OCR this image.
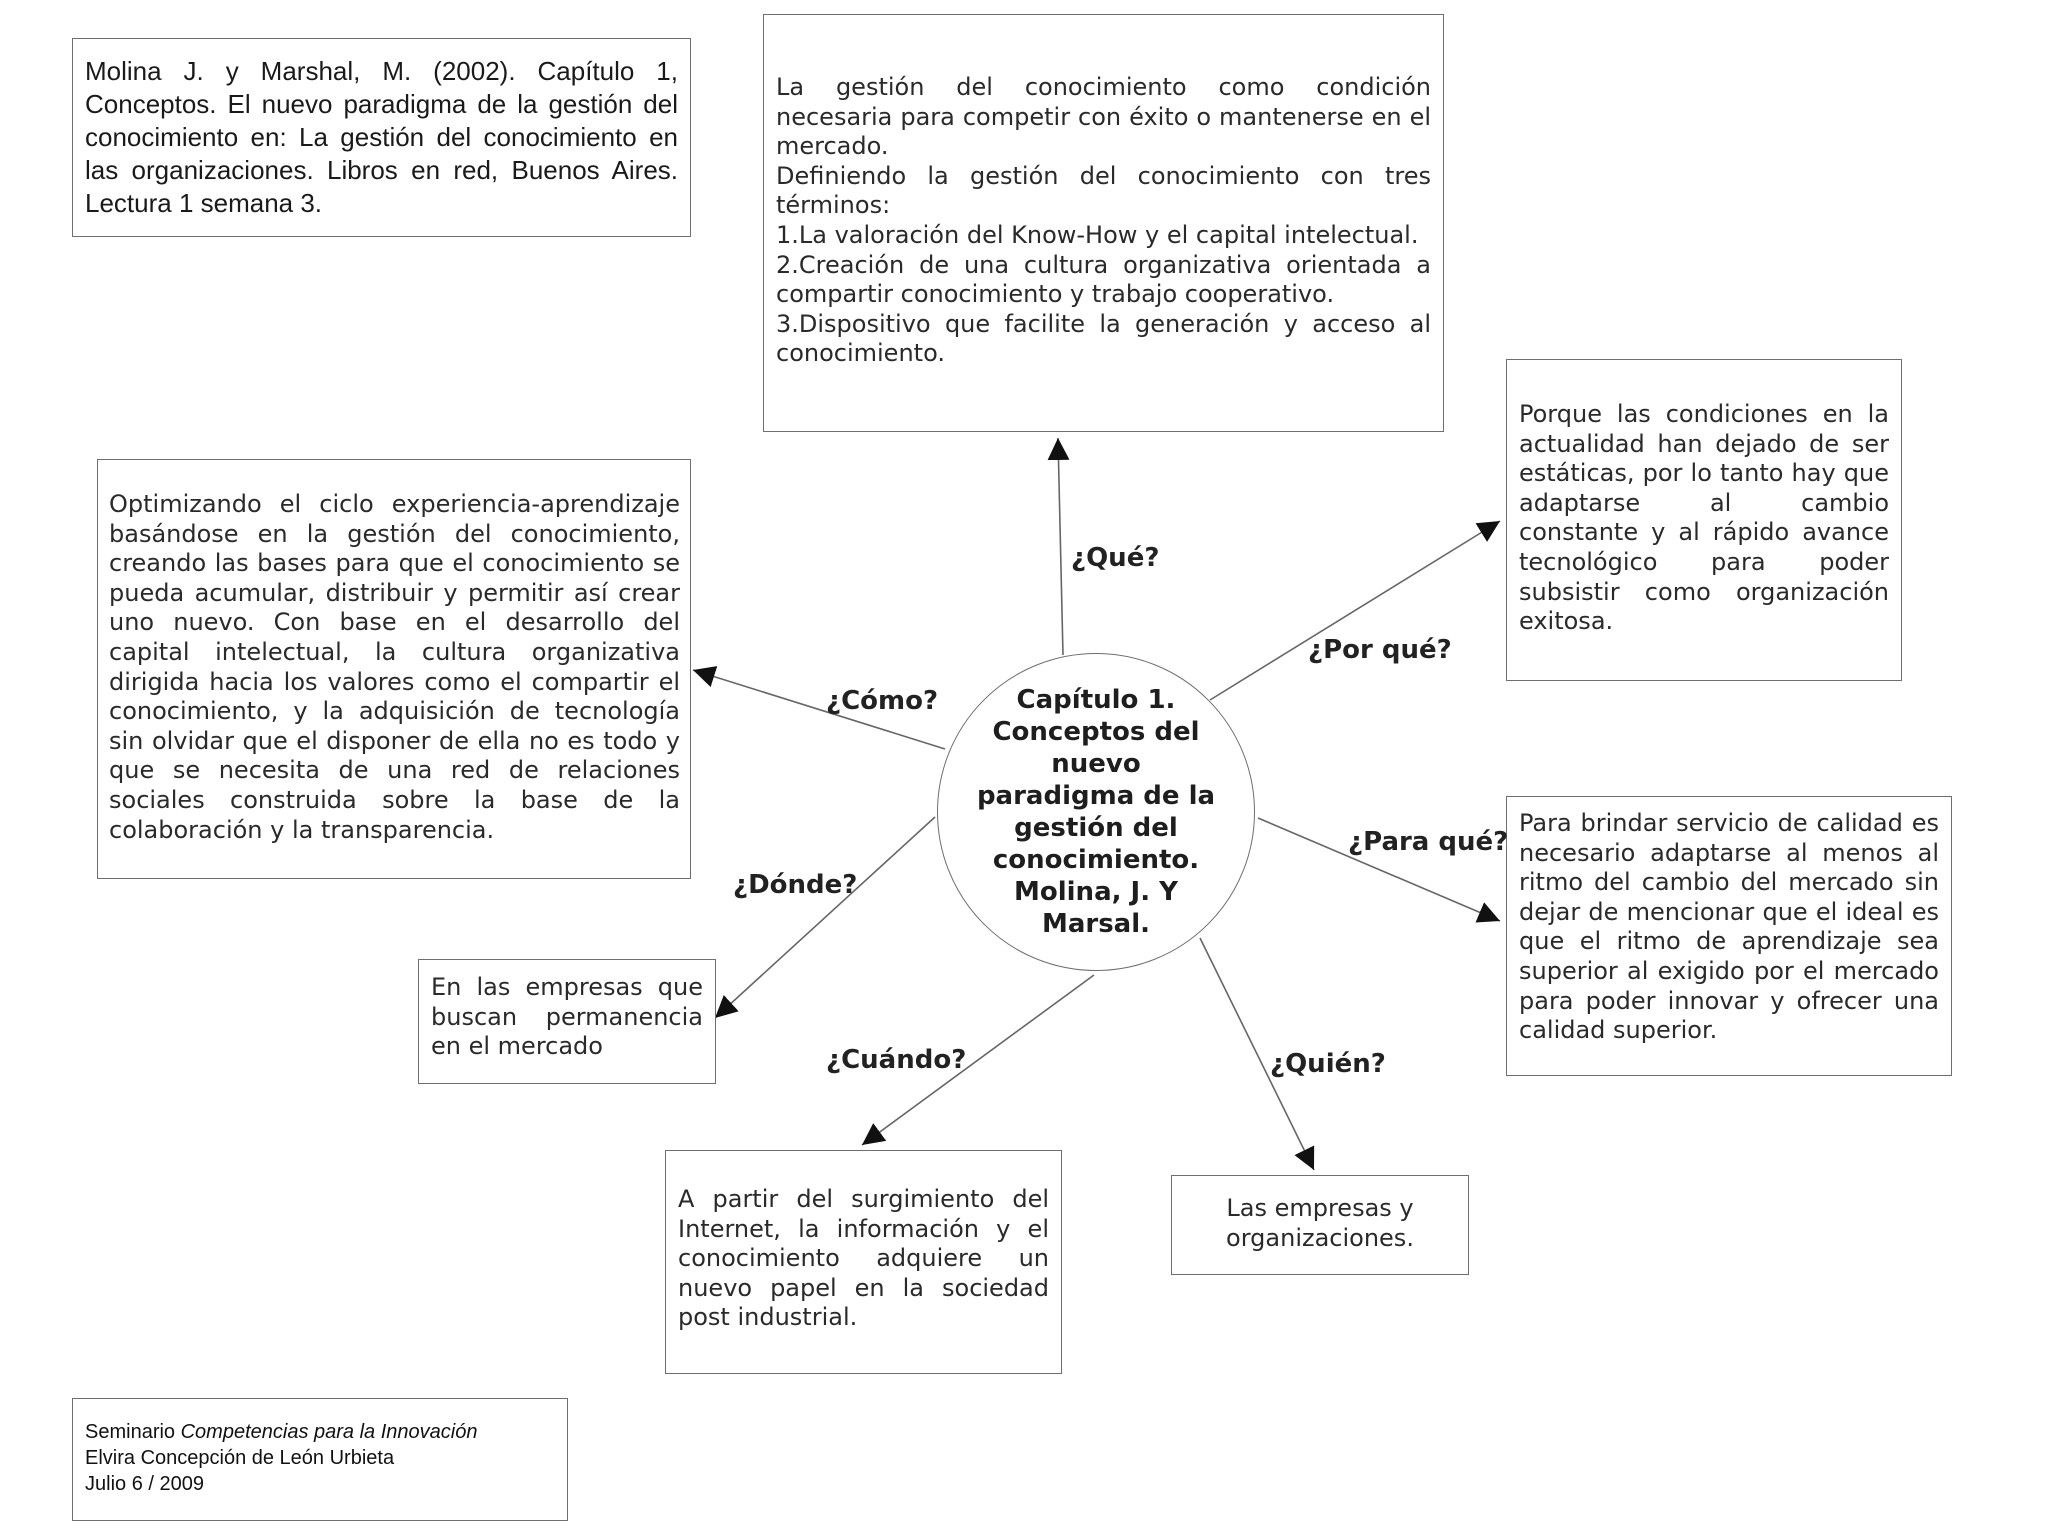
Molina J. y Marshal, M. (2002). Capítulo 1, Conceptos. El nuevo paradigma de la gestión del conocimiento en: La gestión del conocimiento en las organizaciones. Libros en red, Buenos Aires. Lectura 1 semana 3.

La gestión del conocimiento como condición necesaria para competir con éxito o mantenerse en el mercado.

Definiendo la gestión del conocimiento con tres términos:

1.La valoración del Know-How y el capital intelectual.

2.Creación de una cultura organizativa orientada a compartir conocimiento y trabajo cooperativo.

3.Dispositivo que facilite la generación y acceso al conocimiento.

Porque las condiciones en la actualidad han dejado de ser estáticas, por lo tanto hay que adaptarse al cambio constante y al rápido avance tecnológico para poder subsistir como organización exitosa.
Optimizando el ciclo experiencia-aprendizaje basándose en la gestión del conocimiento, creando las bases para que el conocimiento se pueda acumular, distribuir y permitir así crear uno nuevo. Con base en el desarrollo del capital intelectual, la cultura organizativa dirigida hacia los valores como el compartir el conocimiento, y la adquisición de tecnología sin olvidar que el disponer de ella no es todo y que se necesita de una red de relaciones sociales construida sobre la base de la colaboración y la transparencia.	Para brindar servicio de calidad es necesario adaptarse al menos al ritmo del cambio del mercado sin dejar de mencionar que el ideal es que el ritmo de aprendizaje sea superior al exigido por el mercado para poder innovar y ofrecer una calidad superior.
En las empresas que buscan permanencia en el mercado
A partir del surgimiento del Internet, la información y el conocimiento adquiere un nuevo papel en la sociedad post industrial.
Las empresas y organizaciones.
Seminario Competencias para la Innovación
Elvira Concepción de León Urbieta
Julio 6 / 2009
Capítulo 1.
Conceptos del nuevo paradigma de la gestión del conocimiento.
Molina, J. Y Marsal.
¿Qué?
¿Por qué?
¿Cómo?
¿Para qué?
¿Dónde?
¿Cuándo?	¿Quién?
